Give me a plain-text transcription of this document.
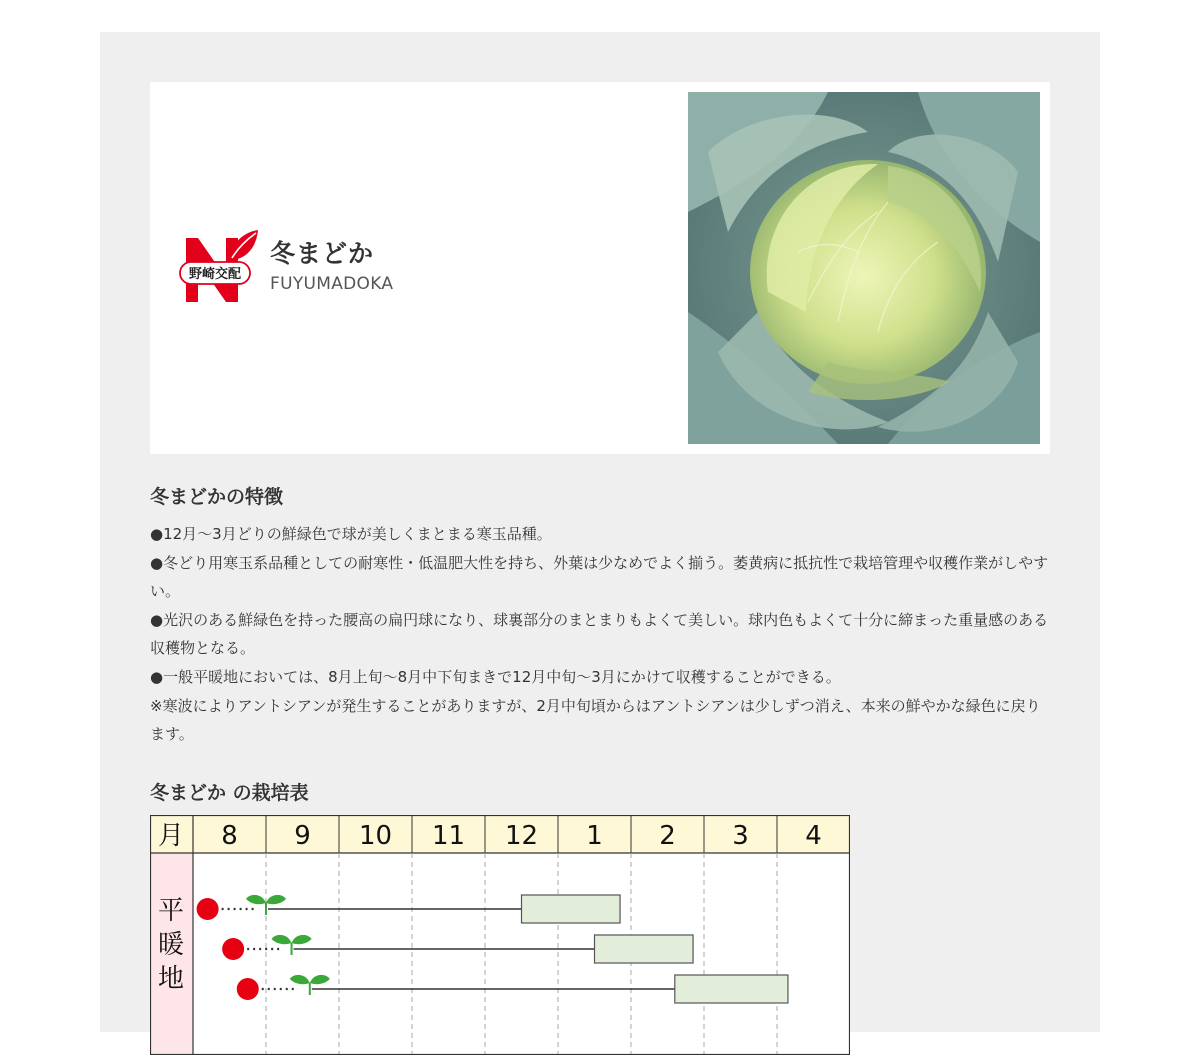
野崎交配
冬まどか
FUYUMADOKA
冬まどかの特徴
●12月〜3月どりの鮮緑色で球が美しくまとまる寒玉品種。
●冬どり用寒玉系品種としての耐寒性・低温肥大性を持ち、外葉は少なめでよく揃う。萎黄病に抵抗性で栽培管理や収穫作業がしやすい。
●光沢のある鮮緑色を持った腰高の扁円球になり、球裏部分のまとまりもよくて美しい。球内色もよくて十分に締まった重量感のある収穫物となる。
●一般平暖地においては、8月上旬〜8月中下旬まきで12月中旬〜3月にかけて収穫することができる。
※寒波によりアントシアンが発生することがありますが、2月中旬頃からはアントシアンは少しずつ消え、本来の鮮やかな緑色に戻ります。
冬まどか の栽培表
月 8 9 10 11 12 1 2 3 4
平
暖
地
